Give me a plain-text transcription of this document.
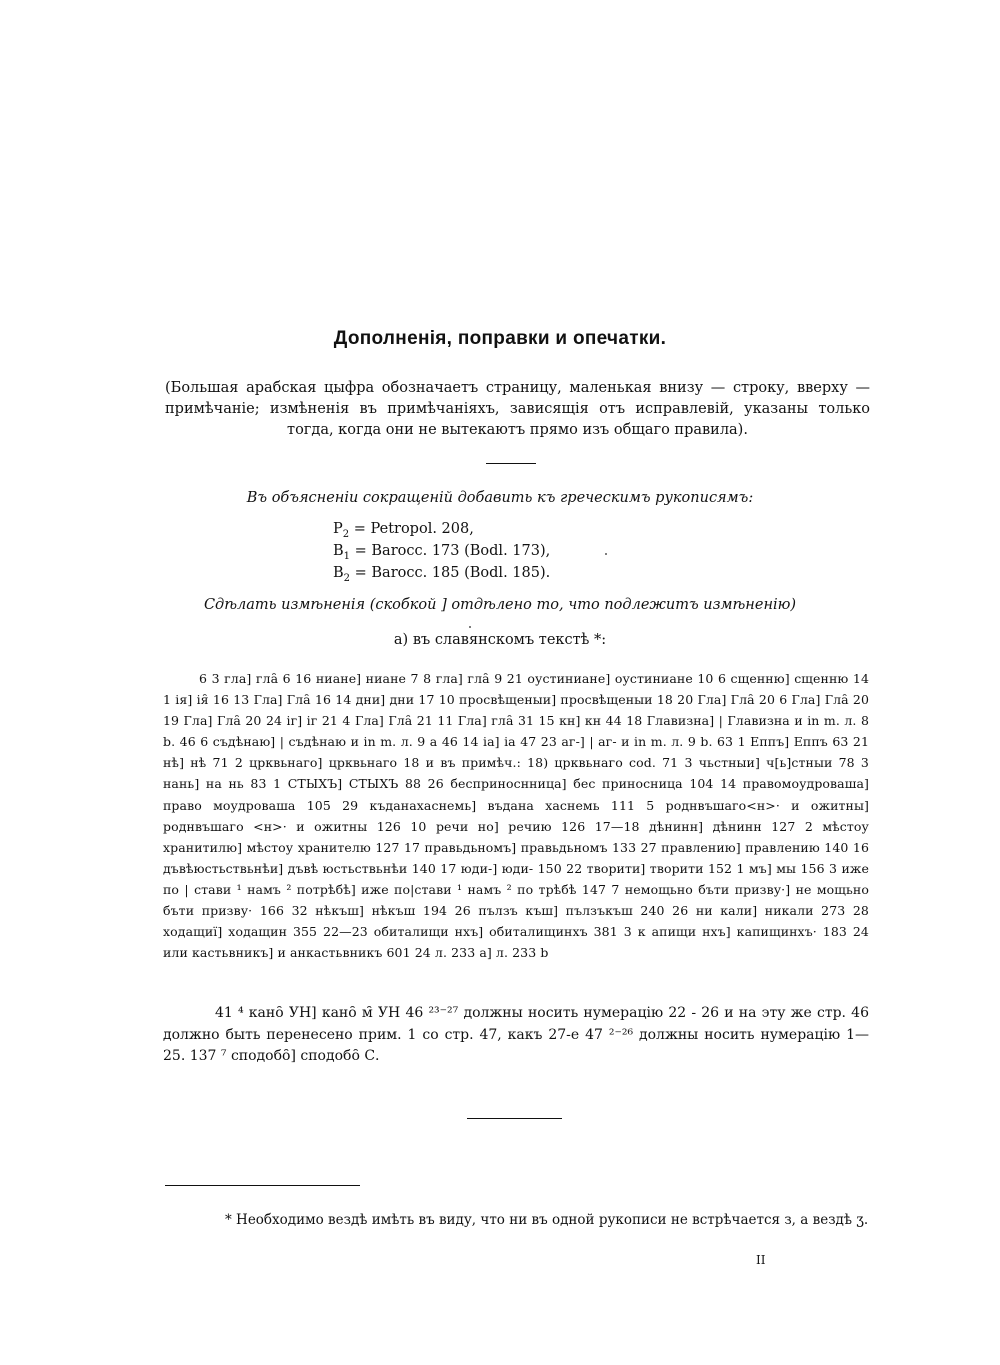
Дополненія, поправки и опечатки.
(Большая арабская цыфра обозначаетъ страницу, маленькая внизу — строку, вверху — примѣчаніе; измѣненія въ примѣчаніяхъ, зависящія отъ исправлевій, указаны только тогда, когда они не вытекаютъ прямо изъ общаго правила).
Въ объясненіи сокращеній добавить къ греческимъ рукописямъ:
$P_2$ = Petropol. 208,
$B_1$ = Barocc. 173 (Bodl. 173),
$B_2$ = Barocc. 185 (Bodl. 185).
Сдѣлать измѣненія (скобкой ] отдѣлено то, что подлежитъ измѣненію)
а) въ славянскомъ текстѣ *:
6 3 гла] гла̑ 6 16 ниане] ниане 7 8 гла] гла̑ 9 21 оустиниане] оустиниане 10 6 сщенню] сщенню 14 1 ія] ія̑ 16 13 Гла] Гла̑ 16 14 дни] дни 17 10 просвѣщеныи] просвѣщеныи 18 20 Гла] Гла̑ 20 6 Гла] Гла̑ 20 19 Гла] Гла̑ 20 24 іг] іг 21 4 Гла] Гла̑ 21 11 Гла] гла̑ 31 15 кн] кн 44 18 Главизна] | Главизна и in m. л. 8 b. 46 6 съдѣнаю] | съдѣнаю и in m. л. 9 а 46 14 іа] іа 47 23 аг-] | аг- и in m. л. 9 b. 63 1 Еппъ] Еппъ 63 21 нѣ] нѣ 71 2 црквьнаго] црквьнаго 18 и въ примѣч.: 18) црквьнаго cod. 71 3 чьстныи] ч[ь]стныи 78 3 нань] на нь 83 1 СТЫХЪ] СТЫХЪ 88 26 бесприноснница] бес приносница 104 14 правомоудроваша] право моудроваша 105 29 къданахаснемь] въдана хаснемь 111 5 роднвъшаго<н>· и ожитны] роднвъшаго <н>· и ожитны 126 10 речи но] речию 126 17—18 дѣнинн] дѣнинн 127 2 мѣстоу хранитилю] мѣстоу хранителю 127 17 правьдьномъ] правьдьномъ 133 27 правлению] правлению 140 16 дъвѣюстьствьнѣи] дъвѣ юстьствьнѣи 140 17 юди-] юди- 150 22 творити] творити 152 1 мъ] мы 156 3 иже по | стави ¹ намъ ² потрѣбѣ] иже по|стави ¹ намъ ² по трѣбѣ 147 7 немощьно бъти призву·] не мощьно бъти призву· 166 32 нѣкъш] нѣкъш 194 26 пълзъ къш] пълзъкъш 240 26 ни кали] никали 273 28 ходащиї] ходащин 355 22—23 обиталищи нхъ] обиталищинхъ 381 3 к апищи нхъ] капищинхъ· 183 24 или кастьвникъ] и анкастьвникъ 601 24 л. 233 а] л. 233 b
41 ⁴ кано̑ УН] кано̑ м̑ УН 46 ²³⁻²⁷ должны носить нумерацію 22 - 26 и на эту же стр. 46 должно быть перенесено прим. 1 со стр. 47, какъ 27-е 47 ²⁻²⁶ должны носить нумерацію 1—25. 137 ⁷ сподобо̑] сподобо̑ С.
* Необходимо вездѣ имѣть въ виду, что ни въ одной рукописи не встрѣчается з, а вездѣ ʒ.
II
